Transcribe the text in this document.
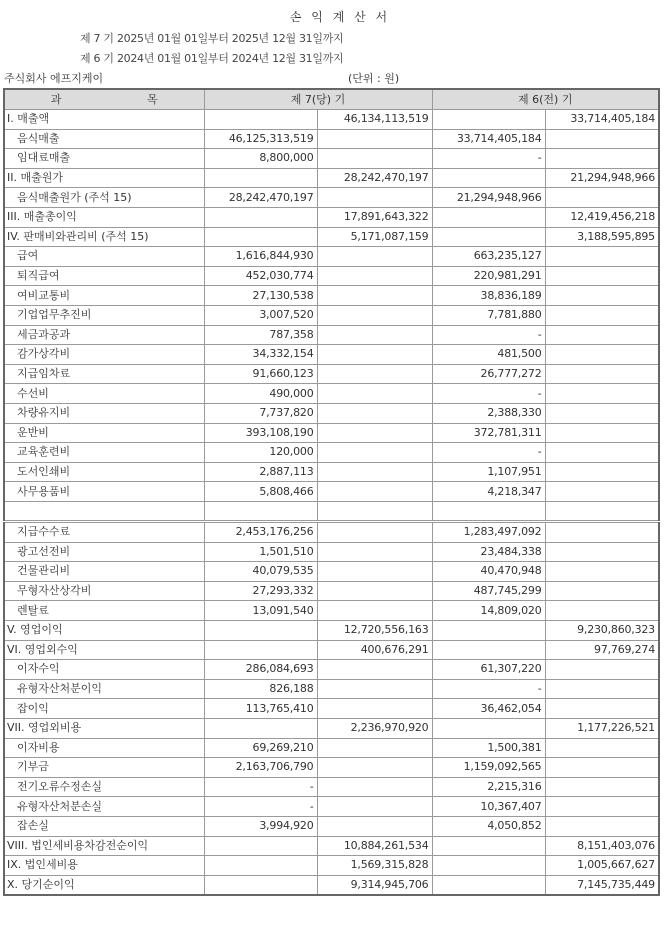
손 익 계 산 서
제 7 기 2025년 01월 01일부터 2025년 12월 31일까지
제 6 기 2024년 01월 01일부터 2024년 12월 31일까지
주식회사 에프지케이	(단위 : 원)
과 목	제 7(당) 기		제 6(전) 기	
I. 매출액		46,134,113,519		33,714,405,184
음식매출	46,125,313,519		33,714,405,184	
임대료매출	8,800,000		-	
II. 매출원가		28,242,470,197		21,294,948,966
음식매출원가 (주석 15)	28,242,470,197		21,294,948,966	
III. 매출총이익		17,891,643,322		12,419,456,218
IV. 판매비와관리비 (주석 15)		5,171,087,159		3,188,595,895
급여	1,616,844,930		663,235,127	
퇴직급여	452,030,774		220,981,291	
여비교통비	27,130,538		38,836,189	
기업업무추진비	3,007,520		7,781,880	
세금과공과	787,358		-	
감가상각비	34,332,154		481,500	
지급임차료	91,660,123		26,777,272	
수선비	490,000		-	
차량유지비	7,737,820		2,388,330	
운반비	393,108,190		372,781,311	
교육훈련비	120,000		-	
도서인쇄비	2,887,113		1,107,951	
사무용품비	5,808,466		4,218,347	

지급수수료	2,453,176,256		1,283,497,092	
광고선전비	1,501,510		23,484,338	
건물관리비	40,079,535		40,470,948	
무형자산상각비	27,293,332		487,745,299	
렌탈료	13,091,540		14,809,020	
V. 영업이익		12,720,556,163		9,230,860,323
VI. 영업외수익		400,676,291		97,769,274
이자수익	286,084,693		61,307,220	
유형자산처분이익	826,188		-	
잡이익	113,765,410		36,462,054	
VII. 영업외비용		2,236,970,920		1,177,226,521
이자비용	69,269,210		1,500,381	
기부금	2,163,706,790		1,159,092,565	
전기오류수정손실	-		2,215,316	
유형자산처분손실	-		10,367,407	
잡손실	3,994,920		4,050,852	
VIII. 법인세비용차감전순이익		10,884,261,534		8,151,403,076
IX. 법인세비용		1,569,315,828		1,005,667,627
X. 당기순이익		9,314,945,706		7,145,735,449
